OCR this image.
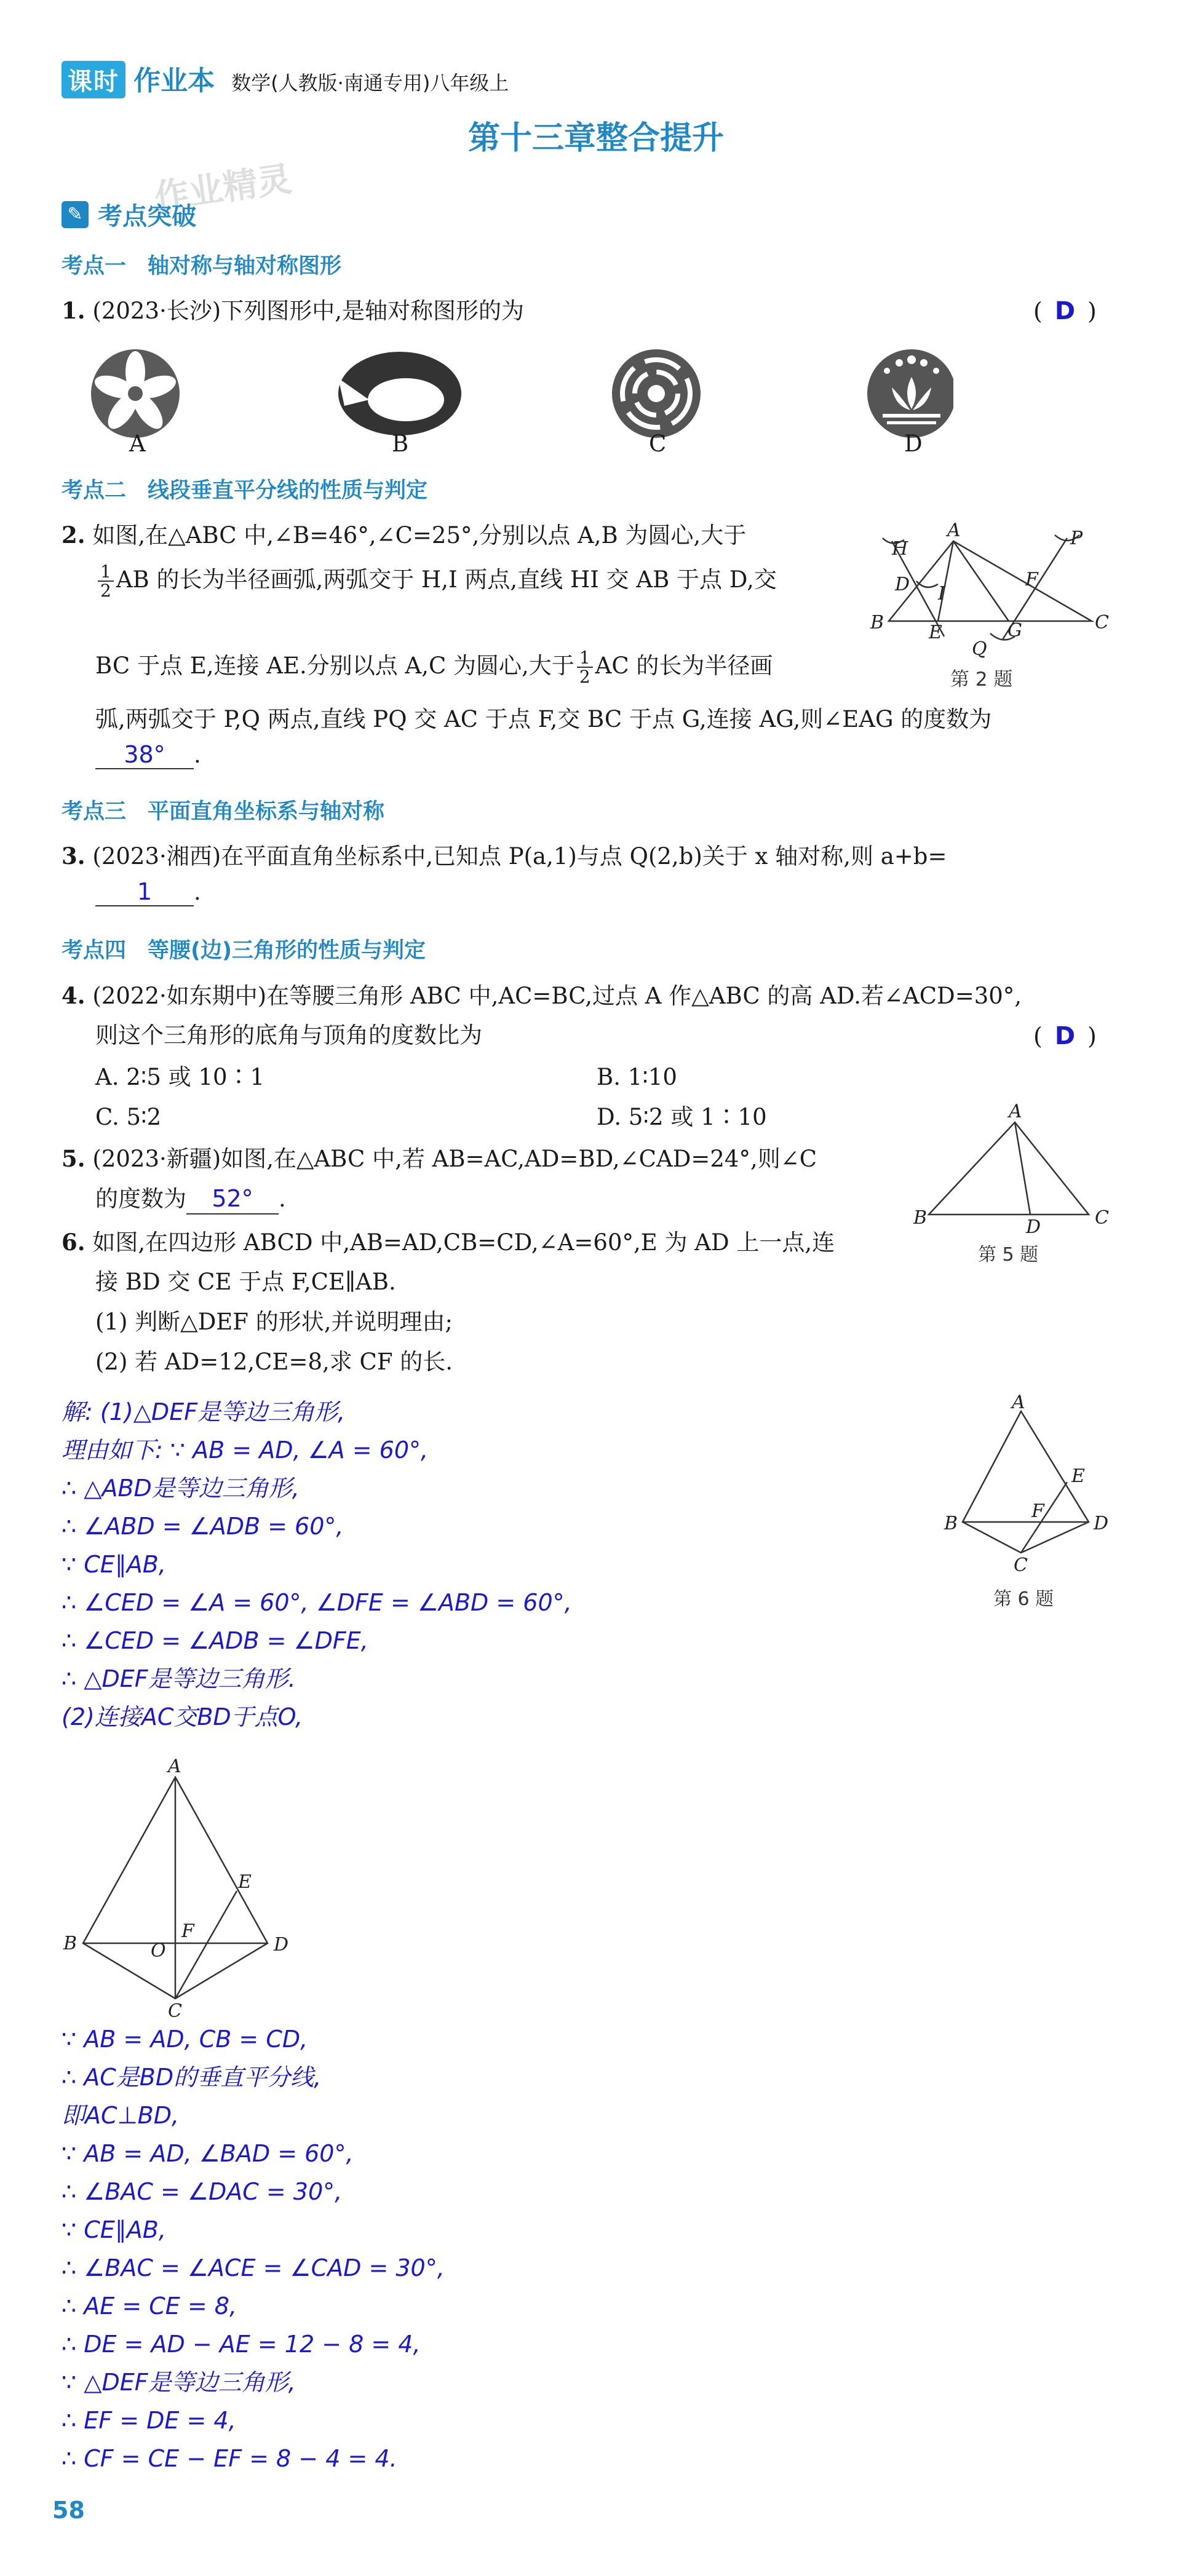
课时 作业本 数学(人教版·南通专用)八年级上
第十三章整合提升
作业精灵
✎ 考点突破
考点一　轴对称与轴对称图形
1. (2023·长沙)下列图形中,是轴对称图形的为	( D )
A	B	C	D
考点二　线段垂直平分线的性质与判定
2. 如图,在△ABC 中,∠B=46°,∠C=25°,分别以点 A,B 为圆心,大于
$\frac{1}{2}$ AB 的长为半径画弧,两弧交于 H,I 两点,直线 HI 交 AB 于点 D,交
BC 于点 E,连接 AE.分别以点 A,C 为圆心,大于 $\frac{1}{2}$ AC 的长为半径画
弧,两弧交于 P,Q 两点,直线 PQ 交 AC 于点 F,交 BC 于点 G,连接 AG,则∠EAG 的度数为
38° .
A
B	C
D
E
F
G
H
I
P
Q
第 2 题
考点三　平面直角坐标系与轴对称
3. (2023·湘西)在平面直角坐标系中,已知点 P(a,1)与点 Q(2,b)关于 x 轴对称,则 a+b=
1 .
考点四　等腰(边)三角形的性质与判定
4. (2022·如东期中)在等腰三角形 ABC 中,AC=BC,过点 A 作△ABC 的高 AD.若∠ACD=30°,
则这个三角形的底角与顶角的度数比为	( D )
A. 2∶5 或 10∶1	B. 1∶10
C. 5∶2	D. 5∶2 或 1∶10
5. (2023·新疆)如图,在△ABC 中,若 AB=AC,AD=BD,∠CAD=24°,则∠C
的度数为 52° .
A
B	C
D
第 5 题
6. 如图,在四边形 ABCD 中,AB=AD,CB=CD,∠A=60°,E 为 AD 上一点,连
接 BD 交 CE 于点 F,CE∥AB.
(1) 判断△DEF 的形状,并说明理由;
(2) 若 AD=12,CE=8,求 CF 的长.
A
B
C
D
E
F
第 6 题
解: (1)△DEF是等边三角形,
理由如下: ∵ AB = AD, ∠A = 60°,
∴ △ABD是等边三角形,
∴ ∠ABD = ∠ADB = 60°,
∵ CE∥AB,
∴ ∠CED = ∠A = 60°, ∠DFE = ∠ABD = 60°,
∴ ∠CED = ∠ADB = ∠DFE,
∴ △DEF是等边三角形.
(2)连接AC交BD于点O,
A
B
C
D
E
F
O
∵ AB = AD, CB = CD,
∴ AC是BD的垂直平分线,
即AC⊥BD,
∵ AB = AD, ∠BAD = 60°,
∴ ∠BAC = ∠DAC = 30°,
∵ CE∥AB,
∴ ∠BAC = ∠ACE = ∠CAD = 30°,
∴ AE = CE = 8,
∴ DE = AD − AE = 12 − 8 = 4,
∵ △DEF是等边三角形,
∴ EF = DE = 4,
∴ CF = CE − EF = 8 − 4 = 4.
58
